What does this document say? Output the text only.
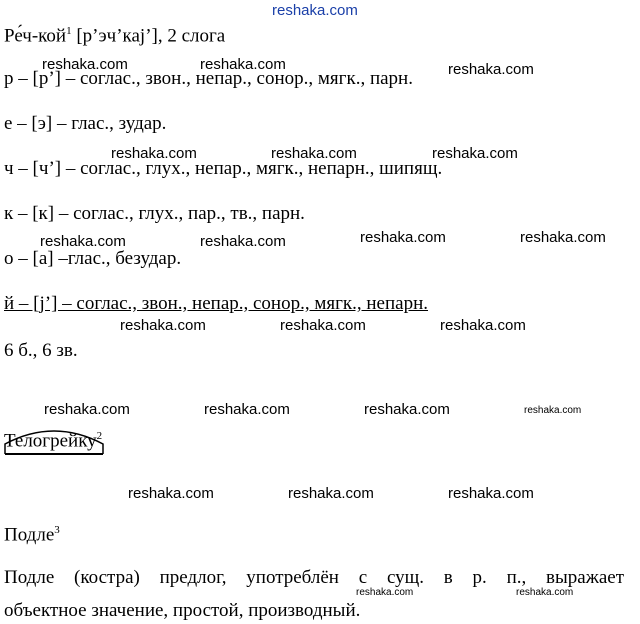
reshaka.com
Ре́ч-кой$^1$ [р’эч’кај’], 2 слога
р – [р’] – соглас., звон., непар., сонор., мягк., парн.
е – [э] – глас., зудар.
ч – [ч’] – соглас., глух., непар., мягк., непарн., шипящ.
к – [к] – соглас., глух., пар., тв., парн.
о – [а] –глас., безудар.
й – [j’] – соглас., звон., непар., сонор., мягк., непарн.
6 б., 6 зв.
Телогрейку$^2$
Подле$^3$
Подле (костра) предлог, употреблён с сущ. в р. п., выражает
объектное значение, простой, производный.
reshaka.com	reshaka.com	reshaka.com
reshaka.com	reshaka.com	reshaka.com
reshaka.com	reshaka.com	reshaka.com	reshaka.com
reshaka.com	reshaka.com	reshaka.com
reshaka.com	reshaka.com	reshaka.com	reshaka.com
reshaka.com	reshaka.com	reshaka.com
reshaka.com	reshaka.com
